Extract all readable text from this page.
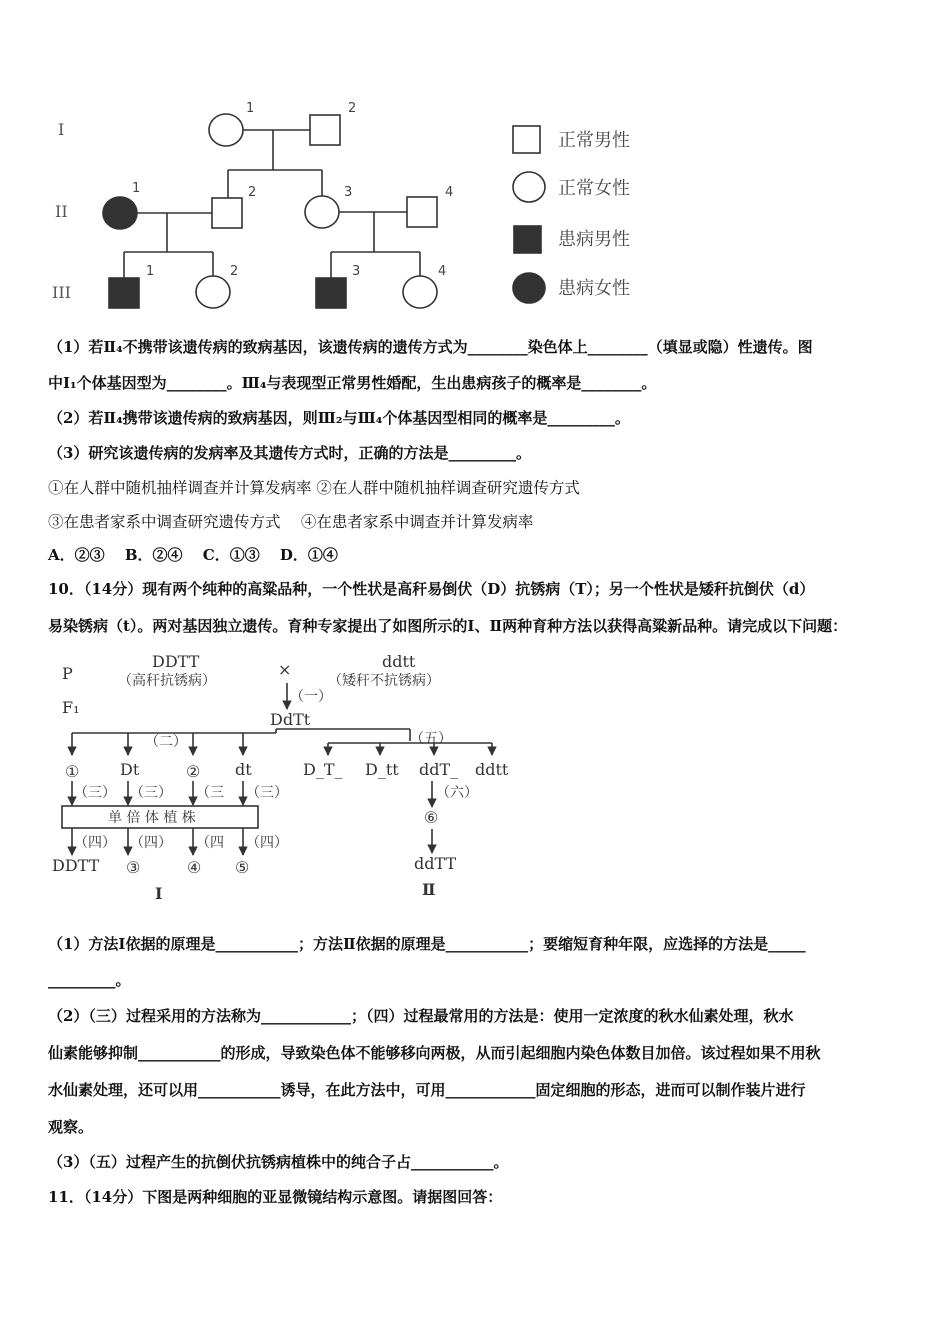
I
II
III
1	2
1	2	3	4
1	2	3	4
正常男性
正常女性
患病男性
患病女性
（1）若Ⅱ₄不携带该遗传病的致病基因，该遗传病的遗传方式为________染色体上________（填显或隐）性遗传。图
中Ⅰ₁个体基因型为________。Ⅲ₄与表现型正常男性婚配，生出患病孩子的概率是________。
（2）若Ⅱ₄携带该遗传病的致病基因，则Ⅲ₂与Ⅲ₄个体基因型相同的概率是_________。
（3）研究该遗传病的发病率及其遗传方式时，正确的方法是_________。
①在人群中随机抽样调查并计算发病率 ②在人群中随机抽样调查研究遗传方式
③在患者家系中调查研究遗传方式　 ④在患者家系中调查并计算发病率
A．②③　 B．②④　 C．①③　 D．①④
10．（14分）现有两个纯种的高粱品种，一个性状是高秆易倒伏（D）抗锈病（T）；另一个性状是矮秆抗倒伏（d）
易染锈病（t）。两对基因独立遗传。育种专家提出了如图所示的Ⅰ、Ⅱ两种育种方法以获得高粱新品种。请完成以下问题：
P
F₁
DDTT
（高秆抗锈病）
×	ddtt
（矮秆不抗锈病）
（一）
DdTt
（二）
①	Dt	② dt
（三） （三） （三 （三）
单 倍 体 植 株
（四） （四） （四 （四）
DDTT ③	④ ⑤
Ⅰ
（五）
D_T_ D_tt ddT_ ddtt
（六）
⑥
ddTT
Ⅱ
（1）方法Ⅰ依据的原理是___________；方法Ⅱ依据的原理是___________；要缩短育种年限，应选择的方法是_____
_________。
（2）（三）过程采用的方法称为____________；（四）过程最常用的方法是：使用一定浓度的秋水仙素处理，秋水
仙素能够抑制___________的形成，导致染色体不能够移向两极，从而引起细胞内染色体数目加倍。该过程如果不用秋
水仙素处理，还可以用___________诱导，在此方法中，可用____________固定细胞的形态，进而可以制作装片进行
观察。
（3）（五）过程产生的抗倒伏抗锈病植株中的纯合子占___________。
11．（14分）下图是两种细胞的亚显微镜结构示意图。请据图回答：
